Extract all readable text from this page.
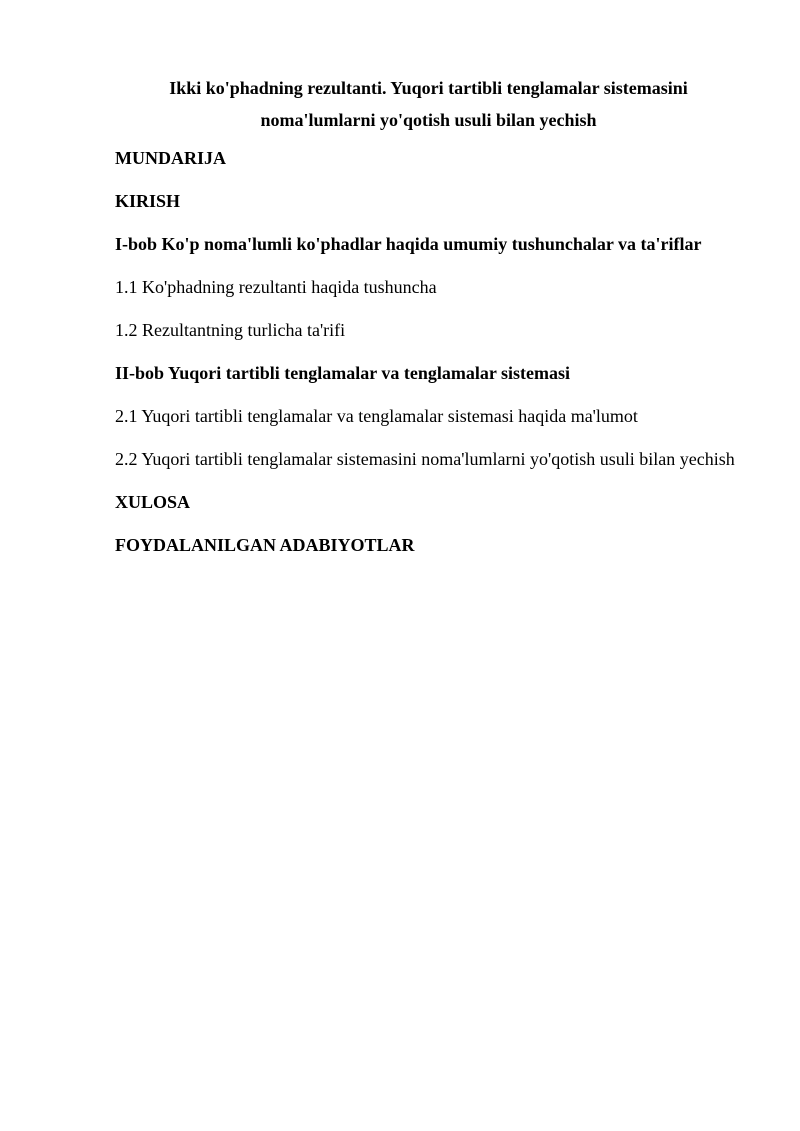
Ikki ko'phadning rezultanti. Yuqori tartibli tenglamalar sistemasini
noma'lumlarni yo'qotish usuli bilan yechish
MUNDARIJA
KIRISH
I-bob Ko'p noma'lumli ko'phadlar haqida umumiy tushunchalar va ta'riflar
1.1 Ko'phadning rezultanti haqida tushuncha
1.2 Rezultantning turlicha ta'rifi
II-bob Yuqori tartibli tenglamalar va tenglamalar sistemasi
2.1 Yuqori tartibli tenglamalar va tenglamalar sistemasi haqida ma'lumot
2.2 Yuqori tartibli tenglamalar sistemasini noma'lumlarni yo'qotish usuli bilan yechish
XULOSA
FOYDALANILGAN ADABIYOTLAR
